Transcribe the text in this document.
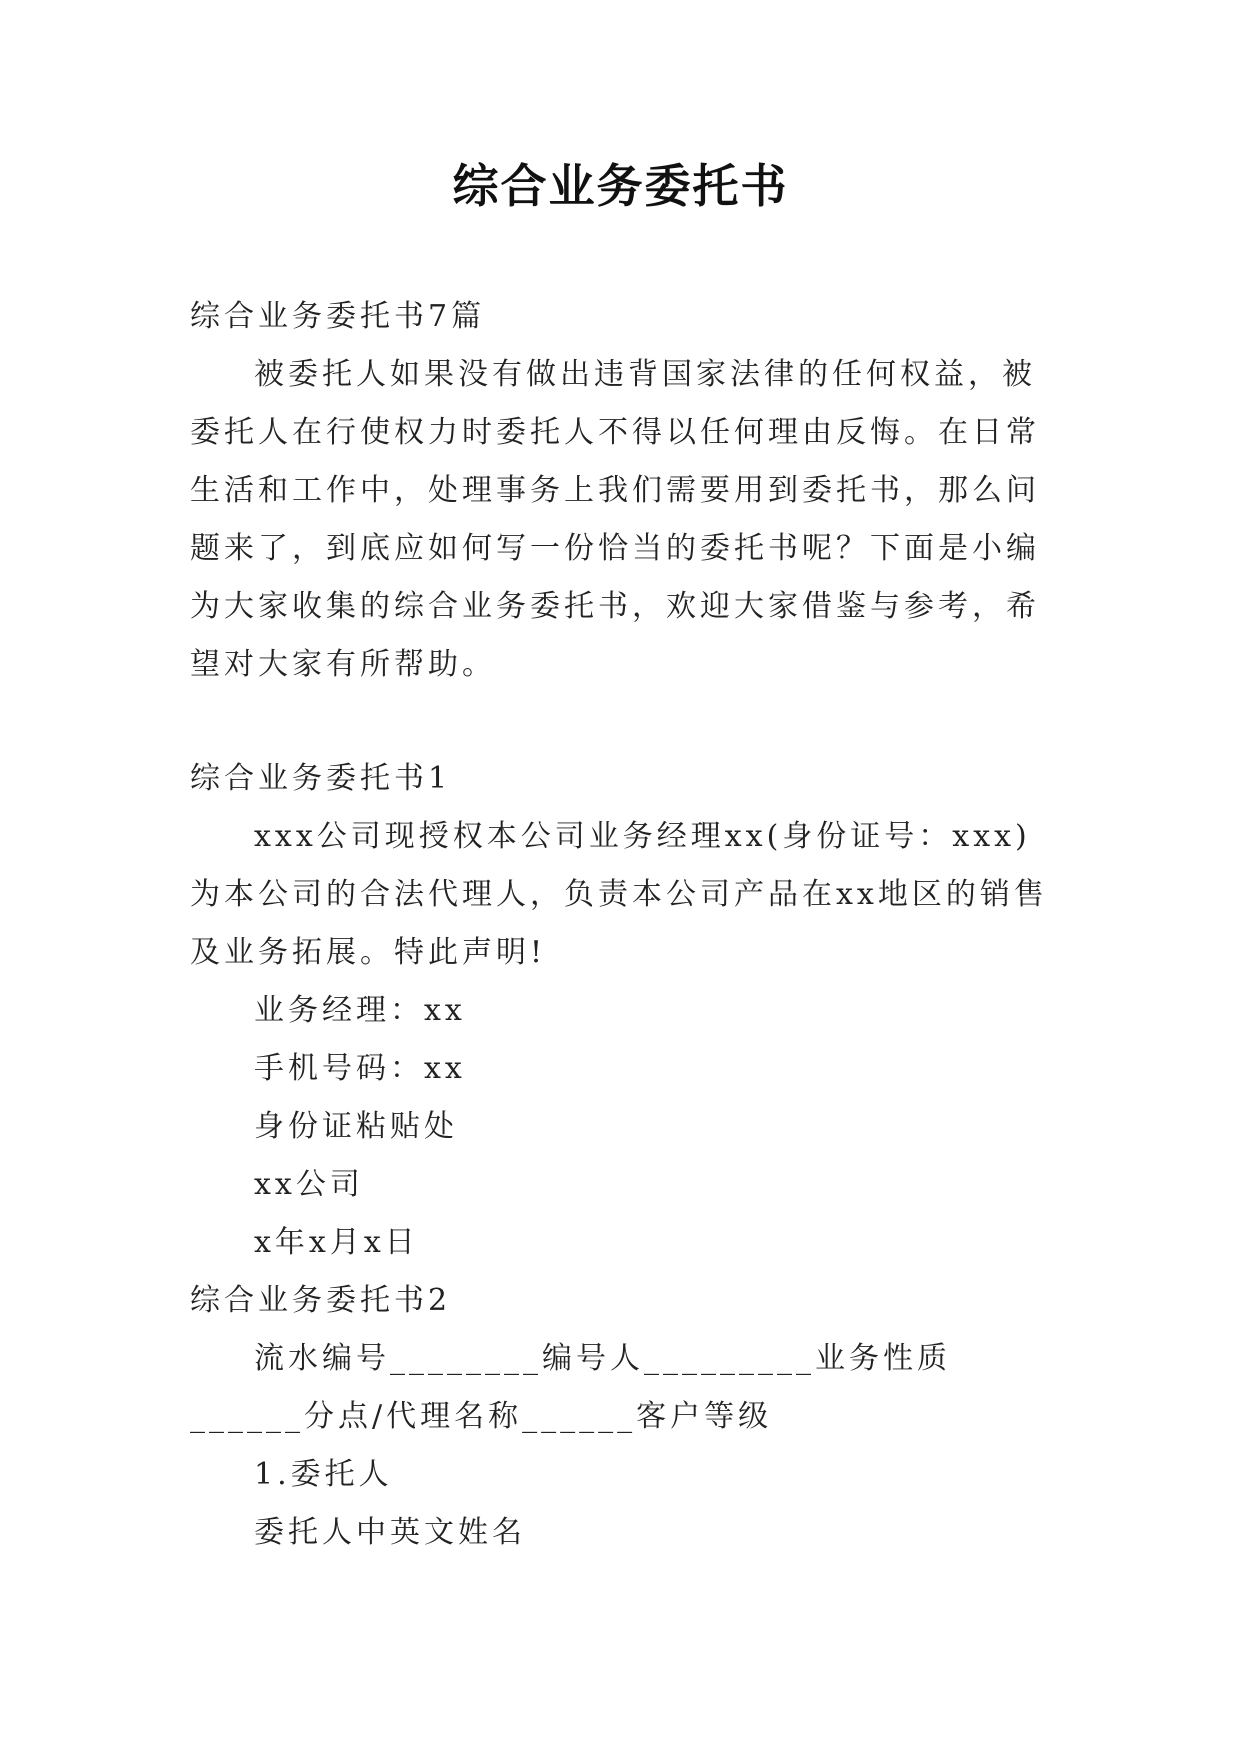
综合业务委托书
综合业务委托书7篇

被委托人如果没有做出违背国家法律的任何权益，被委托人在行使权力时委托人不得以任何理由反悔。在日常生活和工作中，处理事务上我们需要用到委托书，那么问题来了，到底应如何写一份恰当的委托书呢？下面是小编为大家收集的综合业务委托书，欢迎大家借鉴与参考，希望对大家有所帮助。

综合业务委托书1

xxx公司现授权本公司业务经理xx(身份证号：xxx)为本公司的合法代理人，负责本公司产品在xx地区的销售及业务拓展。特此声明!

业务经理：xx
手机号码：xx
身份证粘贴处
xx公司
x年x月x日
综合业务委托书2

流水编号________编号人_________业务性质______分点/代理名称______客户等级

1.委托人
委托人中英文姓名
